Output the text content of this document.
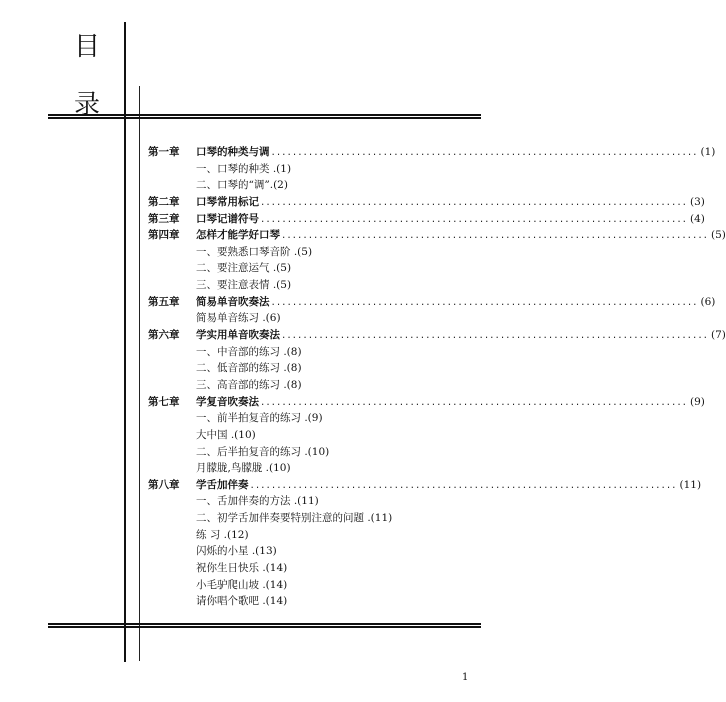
目
录
第一章 口琴的种类与调 ................................................................................ (1)
一、口琴的种类 .(1)
二、口琴的“调”.(2)
第二章 口琴常用标记 ................................................................................ (3)
第三章 口琴记谱符号 ................................................................................ (4)
第四章 怎样才能学好口琴 ................................................................................ (5)
一、要熟悉口琴音阶 .(5)
二、要注意运气 .(5)
三、要注意表情 .(5)
第五章 简易单音吹奏法 ................................................................................ (6)
简易单音练习 .(6)
第六章 学实用单音吹奏法 ................................................................................ (7)
一、中音部的练习 .(8)
二、低音部的练习 .(8)
三、高音部的练习 .(8)
第七章 学复音吹奏法 ................................................................................ (9)
一、前半拍复音的练习 .(9)
大中国 .(10)
二、后半拍复音的练习 .(10)
月朦胧,鸟朦胧 .(10)
第八章 学舌加伴奏 ................................................................................ (11)
一、舌加伴奏的方法 .(11)
二、初学舌加伴奏要特别注意的问题 .(11)
练 习 .(12)
闪烁的小星 .(13)
祝你生日快乐 .(14)
小毛驴爬山坡 .(14)
请你唱个歌吧 .(14)
1
